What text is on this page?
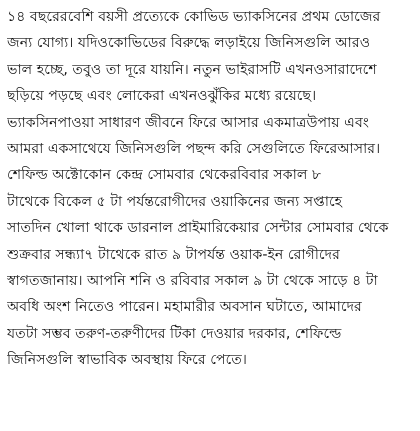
১৪ বছরেরবেশি বয়সী প্রত্যেকে কোভিড ভ্যাকসিনের প্রথম ডোজের
জন্য যোগ্য। যদিওকোভিডের বিরুদ্ধে লড়াইয়ে জিনিসগুলি আরও
ভাল হচ্ছে, তবুও তা দূরে যায়নি। নতুন ভাইরাসটি এখনওসারাদেশে
ছড়িয়ে পড়ছে এবং লোকেরা এখনওঝুঁকির মধ্যে রয়েছে।
ভ্যাকসিনপাওয়া সাধারণ জীবনে ফিরে আসার একমাত্রউপায় এবং
আমরা একসাথেযে জিনিসগুলি পছন্দ করি সেগুলিতে ফিরেআসার।
শেফিল্ড অক্টোকোন কেন্দ্র সোমবার থেকেরবিবার সকাল ৮
টাথেকে বিকেল ৫ টা পর্যন্তরোগীদের ওয়াকিনের জন্য সপ্তাহে
সাতদিন খোলা থাকে ডারনাল প্রাইমারিকেয়ার সেন্টার সোমবার থেকে
শুক্রবার সন্ধ্যা৭ টাথেকে রাত ৯ টাপর্যন্ত ওয়াক-ইন রোগীদের
স্বাগতজানায়। আপনি শনি ও রবিবার সকাল ৯ টা থেকে সাড়ে ৪ টা
অবধি অংশ নিতেও পারেন। মহামারীর অবসান ঘটাতে, আমাদের
যতটা সম্ভব তরুণ-তরুণীদের টিকা দেওয়ার দরকার, শেফিল্ডে
জিনিসগুলি স্বাভাবিক অবস্থায় ফিরে পেতে।
